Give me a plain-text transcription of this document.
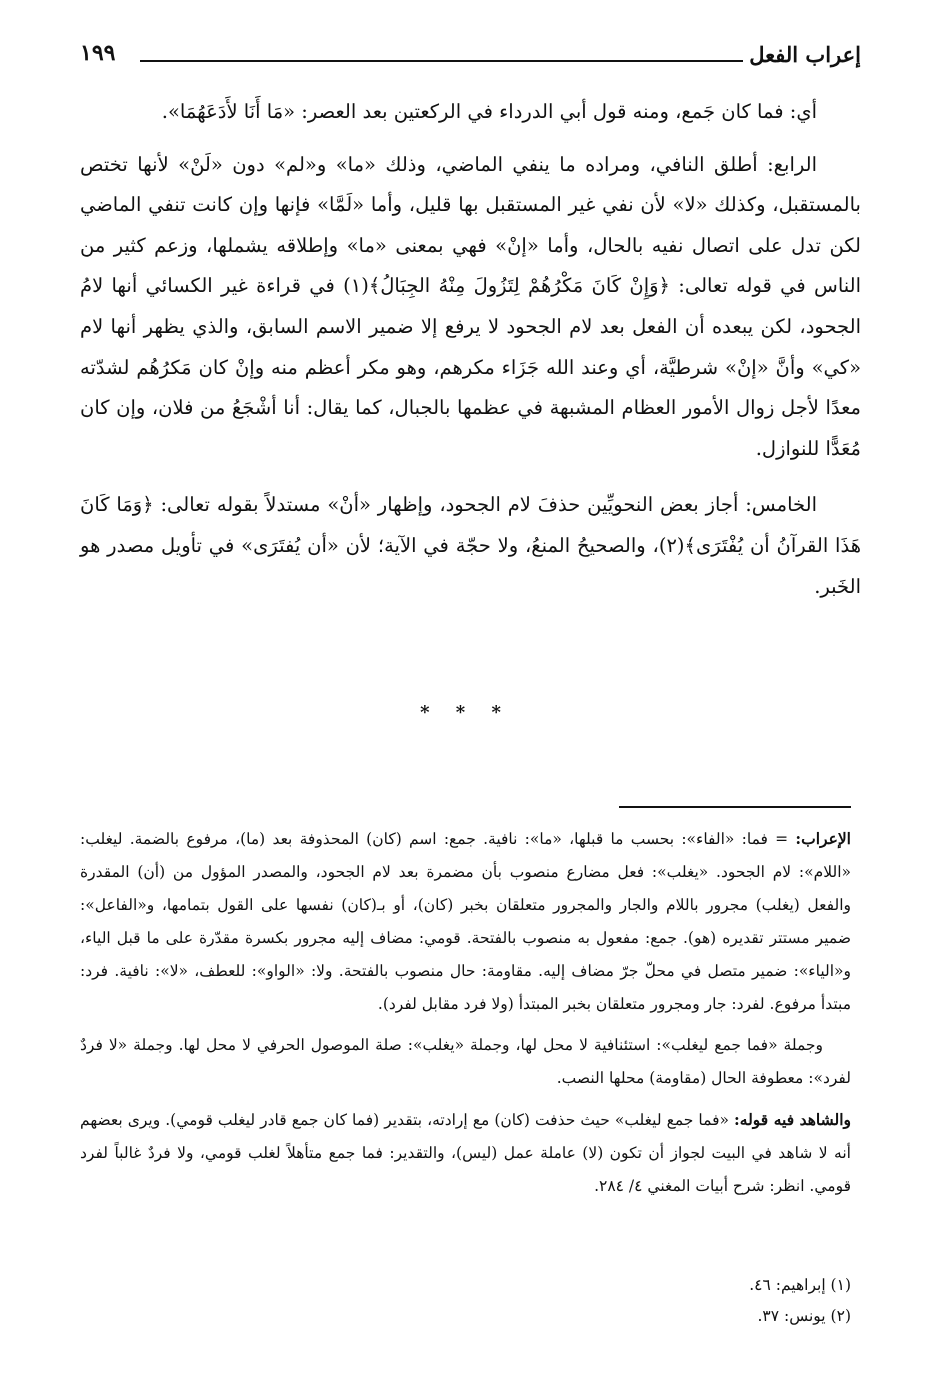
إعراب الفعل
١٩٩

أي: فما كان جَمع، ومنه قول أبي الدرداء في الركعتين بعد العصر: «مَا أَنَا لأَدَعَهُمَا».

الرابع: أطلق النافي، ومراده ما ينفي الماضي، وذلك «ما» و«لم» دون «لَنْ» لأنها تختص بالمستقبل، وكذلك «لا» لأن نفي غير المستقبل بها قليل، وأما «لَمَّا» فإنها وإن كانت تنفي الماضي لكن تدل على اتصال نفيه بالحال، وأما «إنْ» فهي بمعنى «ما» وإطلاقه يشملها، وزعم كثير من الناس في قوله تعالى: ﴿وَإِنْ كَانَ مَكْرُهُمْ لِتَزُولَ مِنْهُ الجِبَالُ﴾(١) في قراءة غير الكسائي أنها لامُ الجحود، لكن يبعده أن الفعل بعد لام الجحود لا يرفع إلا ضمير الاسم السابق، والذي يظهر أنها لام «كي» وأنَّ «إنْ» شرطيَّة، أي وعند الله جَزَاء مكرهم، وهو مكر أعظم منه وإنْ كان مَكرُهُم لشدّته معدًا لأجل زوال الأمور العظام المشبهة في عظمها بالجبال، كما يقال: أنا أشْجَعُ من فلان، وإن كان مُعَدًّا للنوازل.

الخامس: أجاز بعض النحويِّين حذفَ لام الجحود، وإظهار «أنْ» مستدلاً بقوله تعالى: ﴿وَمَا كَانَ هَذَا القرآنُ أن يُفْتَرَى﴾(٢)، والصحيحُ المنعُ، ولا حجّة في الآية؛ لأن «أن يُفتَرَى» في تأويل مصدر هو الخَبر.

* * *

الإعراب: = فما: «الفاء»: بحسب ما قبلها، «ما»: نافية. جمع: اسم (كان) المحذوفة بعد (ما)، مرفوع بالضمة. ليغلب: «اللام»: لام الجحود. «يغلب»: فعل مضارع منصوب بأن مضمرة بعد لام الجحود، والمصدر المؤول من (أن) المقدرة والفعل (يغلب) مجرور باللام والجار والمجرور متعلقان بخبر (كان)، أو بـ(كان) نفسها على القول بتمامها، و«الفاعل»: ضمير مستتر تقديره (هو). جمع: مفعول به منصوب بالفتحة. قومي: مضاف إليه مجرور بكسرة مقدّرة على ما قبل الياء، و«الياء»: ضمير متصل في محلّ جرّ مضاف إليه. مقاومة: حال منصوب بالفتحة. ولا: «الواو»: للعطف، «لا»: نافية. فرد: مبتدأ مرفوع. لفرد: جار ومجرور متعلقان بخبر المبتدأ (ولا فرد مقابل لفرد).

وجملة «فما جمع ليغلب»: استئنافية لا محل لها، وجملة «يغلب»: صلة الموصول الحرفي لا محل لها. وجملة «لا فردٌ لفرد»: معطوفة الحال (مقاومة) محلها النصب.

والشاهد فيه قوله: «فما جمع ليغلب» حيث حذفت (كان) مع إرادته، بتقدير (فما كان جمع قادر ليغلب قومي). ويرى بعضهم أنه لا شاهد في البيت لجواز أن تكون (لا) عاملة عمل (ليس)، والتقدير: فما جمع متأهلاً لغلب قومي، ولا فردٌ غالباً لفرد قومي. انظر: شرح أبيات المغني ٤/ ٢٨٤.

(١) إبراهيم: ٤٦.
(٢) يونس: ٣٧.
